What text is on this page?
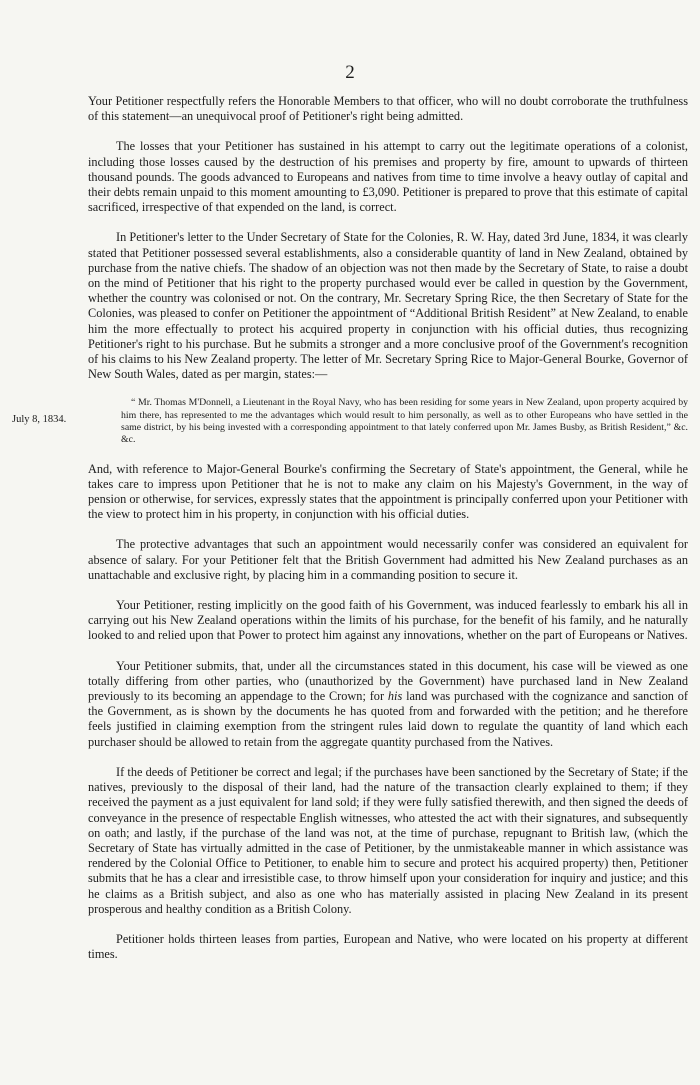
2
July 8, 1834.

Your Petitioner respectfully refers the Honorable Members to that officer, who will no doubt corroborate the truthfulness of this statement—an unequivocal proof of Petitioner's right being admitted.

The losses that your Petitioner has sustained in his attempt to carry out the legitimate operations of a colonist, including those losses caused by the destruction of his premises and property by fire, amount to upwards of thirteen thousand pounds. The goods advanced to Europeans and natives from time to time involve a heavy outlay of capital and their debts remain unpaid to this moment amounting to £3,090. Petitioner is prepared to prove that this estimate of capital sacrificed, irrespective of that expended on the land, is correct.

In Petitioner's letter to the Under Secretary of State for the Colonies, R. W. Hay, dated 3rd June, 1834, it was clearly stated that Petitioner possessed several establishments, also a considerable quantity of land in New Zealand, obtained by purchase from the native chiefs. The shadow of an objection was not then made by the Secretary of State, to raise a doubt on the mind of Petitioner that his right to the property purchased would ever be called in question by the Government, whether the country was colonised or not. On the contrary, Mr. Secretary Spring Rice, the then Secretary of State for the Colonies, was pleased to confer on Petitioner the appointment of “Additional British Resident” at New Zealand, to enable him the more effectually to protect his acquired property in conjunction with his official duties, thus recognizing Petitioner's right to his purchase. But he submits a stronger and a more conclusive proof of the Government's recognition of his claims to his New Zealand property. The letter of Mr. Secretary Spring Rice to Major-General Bourke, Governor of New South Wales, dated as per margin, states:—

“ Mr. Thomas M'Donnell, a Lieutenant in the Royal Navy, who has been residing for some years in New Zealand, upon property acquired by him there, has represented to me the advantages which would result to him personally, as well as to other Europeans who have settled in the same district, by his being invested with a corresponding appointment to that lately conferred upon Mr. James Busby, as British Resident,” &c. &c.

And, with reference to Major-General Bourke's confirming the Secretary of State's appointment, the General, while he takes care to impress upon Petitioner that he is not to make any claim on his Majesty's Government, in the way of pension or otherwise, for services, expressly states that the appointment is principally conferred upon your Petitioner with the view to protect him in his property, in conjunction with his official duties.

The protective advantages that such an appointment would necessarily confer was considered an equivalent for absence of salary. For your Petitioner felt that the British Government had admitted his New Zealand purchases as an unattachable and exclusive right, by placing him in a commanding position to secure it.

Your Petitioner, resting implicitly on the good faith of his Government, was induced fearlessly to embark his all in carrying out his New Zealand operations within the limits of his purchase, for the benefit of his family, and he naturally looked to and relied upon that Power to protect him against any innovations, whether on the part of Europeans or Natives.

Your Petitioner submits, that, under all the circumstances stated in this document, his case will be viewed as one totally differing from other parties, who (unauthorized by the Government) have purchased land in New Zealand previously to its becoming an appendage to the Crown; for his land was purchased with the cognizance and sanction of the Government, as is shown by the documents he has quoted from and forwarded with the petition; and he therefore feels justified in claiming exemption from the stringent rules laid down to regulate the quantity of land which each purchaser should be allowed to retain from the aggregate quantity purchased from the Natives.

If the deeds of Petitioner be correct and legal; if the purchases have been sanctioned by the Secretary of State; if the natives, previously to the disposal of their land, had the nature of the transaction clearly explained to them; if they received the payment as a just equivalent for land sold; if they were fully satisfied therewith, and then signed the deeds of conveyance in the presence of respectable English witnesses, who attested the act with their signatures, and subsequently on oath; and lastly, if the purchase of the land was not, at the time of purchase, repugnant to British law, (which the Secretary of State has virtually admitted in the case of Petitioner, by the unmistakeable manner in which assistance was rendered by the Colonial Office to Petitioner, to enable him to secure and protect his acquired property) then, Petitioner submits that he has a clear and irresistible case, to throw himself upon your consideration for inquiry and justice; and this he claims as a British subject, and also as one who has materially assisted in placing New Zealand in its present prosperous and healthy condition as a British Colony.

Petitioner holds thirteen leases from parties, European and Native, who were located on his property at different times.
